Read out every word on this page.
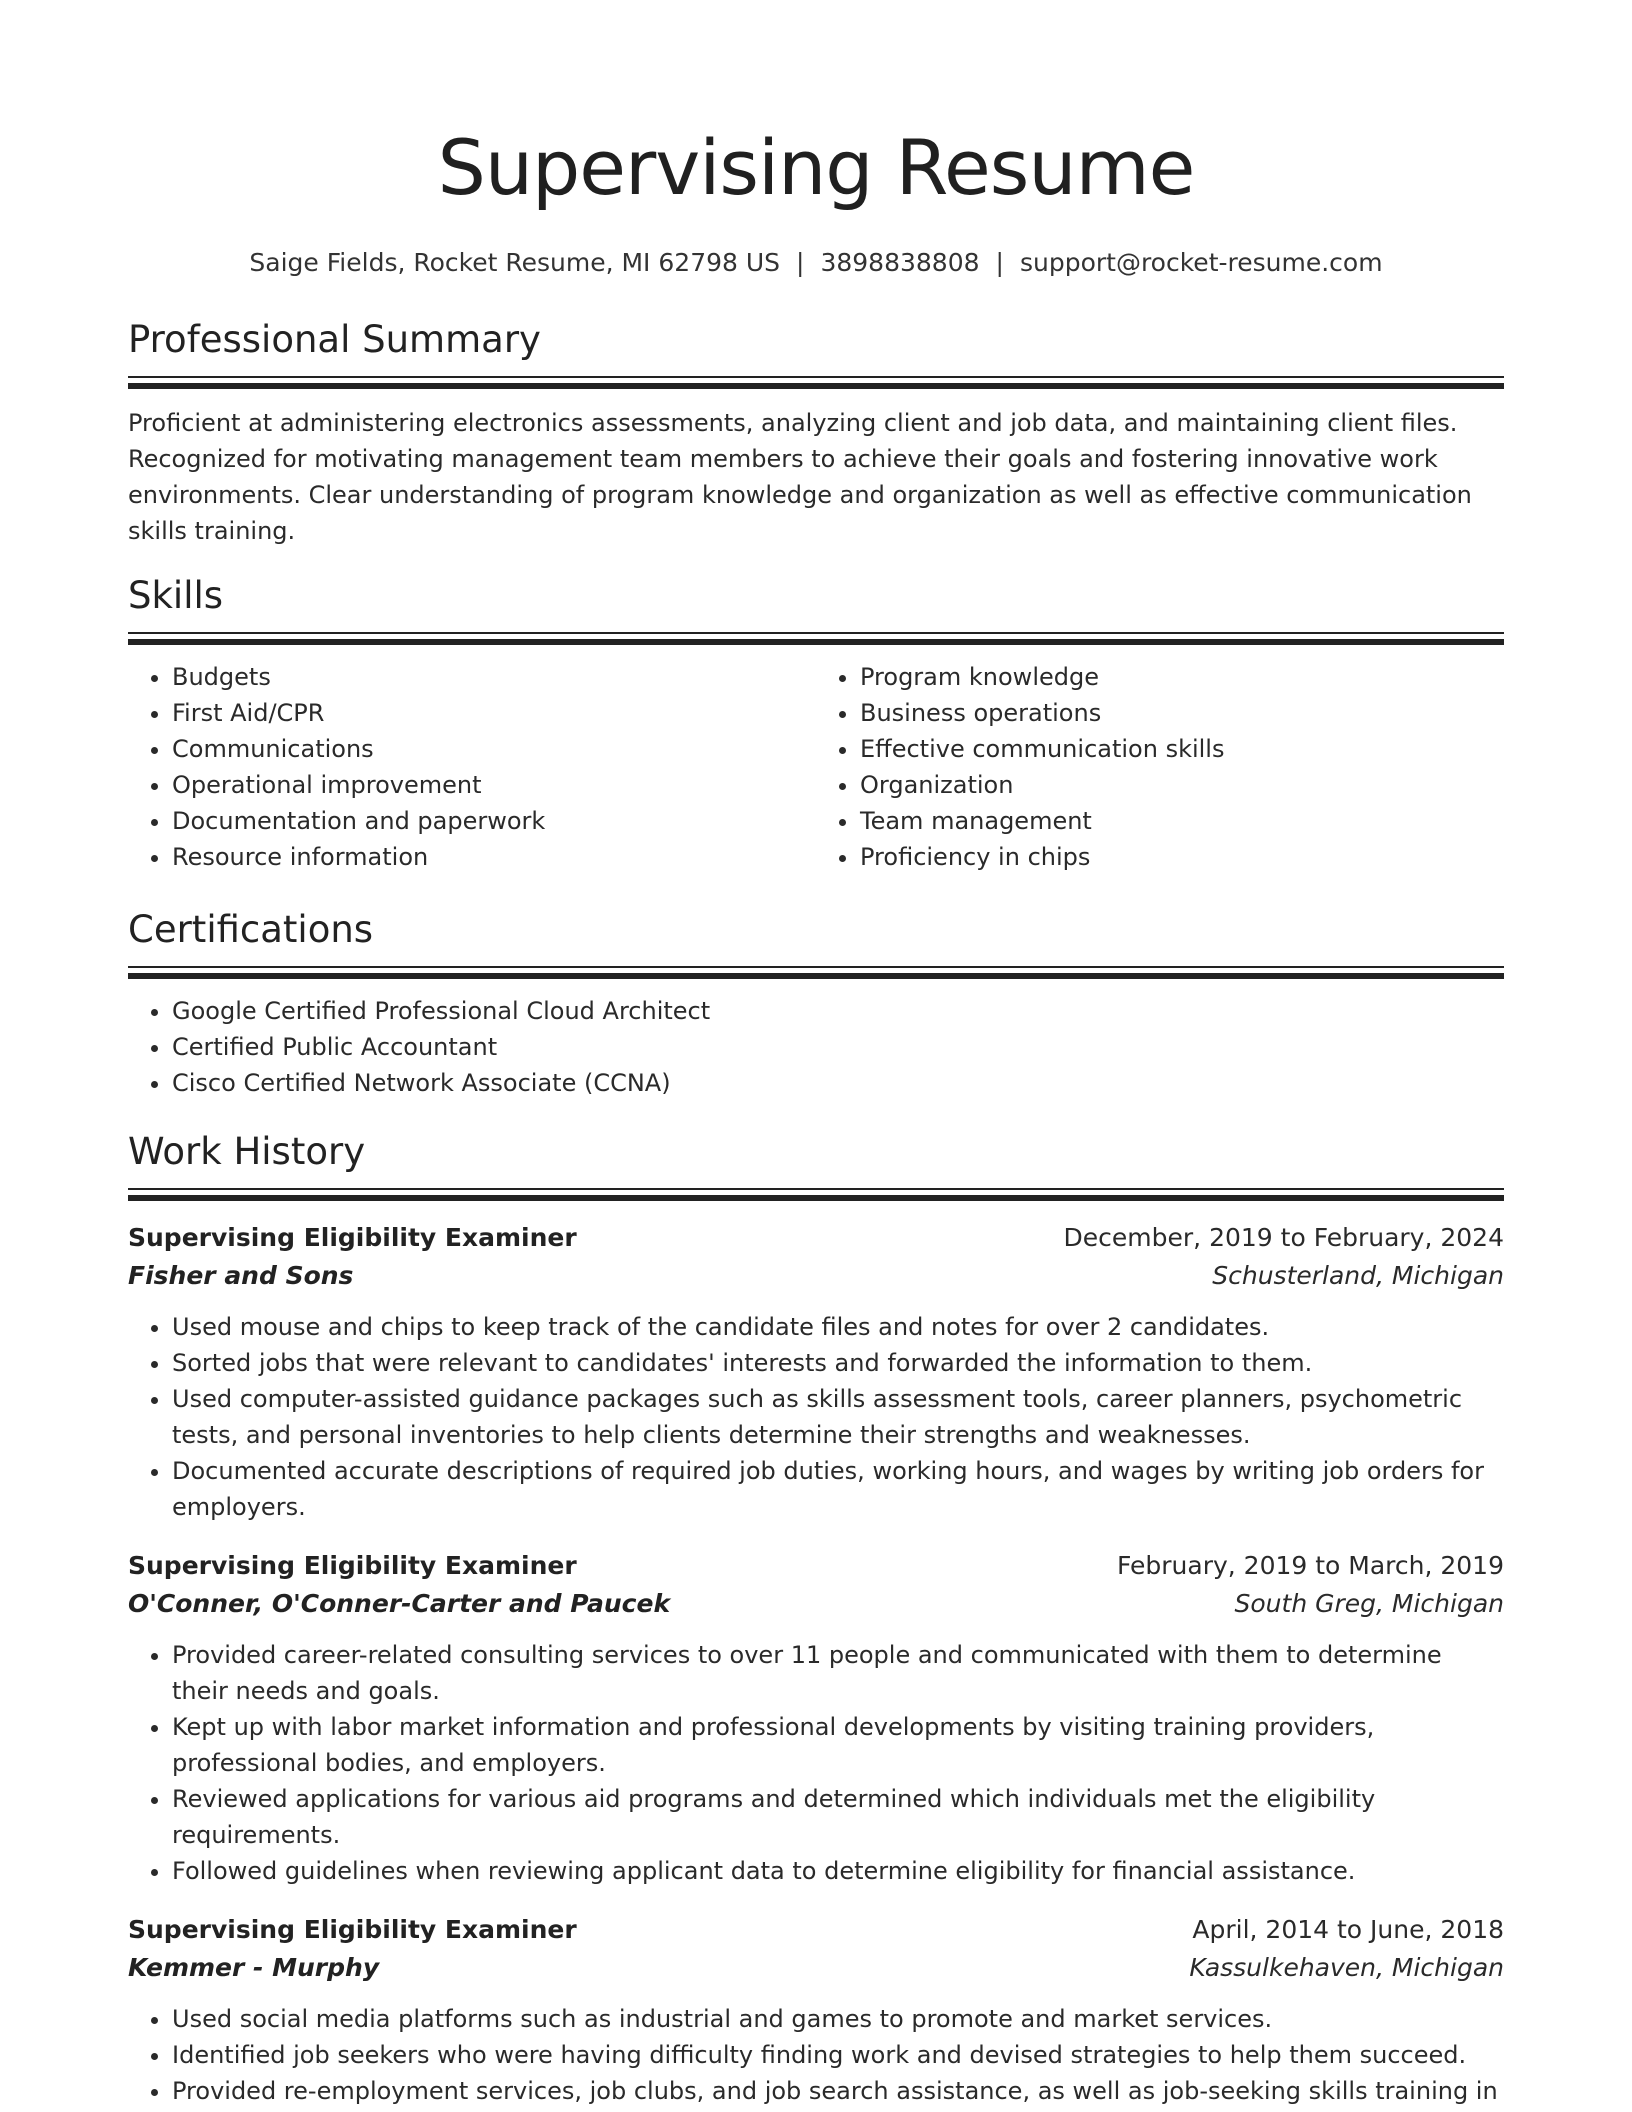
Supervising Resume
Saige Fields, Rocket Resume, MI 62798 US | 3898838808 | support@rocket-resume.com
Professional Summary
Proficient at administering electronics assessments, analyzing client and job data, and maintaining client files. Recognized for motivating management team members to achieve their goals and fostering innovative work environments. Clear understanding of program knowledge and organization as well as effective communication skills training.
Skills
• Budgets
• First Aid/CPR
• Communications
• Operational improvement
• Documentation and paperwork
• Resource information
• Program knowledge
• Business operations
• Effective communication skills
• Organization
• Team management
• Proficiency in chips
Certifications
• Google Certified Professional Cloud Architect
• Certified Public Accountant
• Cisco Certified Network Associate (CCNA)
Work History
Supervising Eligibility Examiner	December, 2019 to February, 2024
Fisher and Sons	Schusterland, Michigan
• Used mouse and chips to keep track of the candidate files and notes for over 2 candidates.
• Sorted jobs that were relevant to candidates' interests and forwarded the information to them.
• Used computer-assisted guidance packages such as skills assessment tools, career planners, psychometric tests, and personal inventories to help clients determine their strengths and weaknesses.
• Documented accurate descriptions of required job duties, working hours, and wages by writing job orders for employers.
Supervising Eligibility Examiner	February, 2019 to March, 2019
O'Conner, O'Conner-Carter and Paucek	South Greg, Michigan
• Provided career-related consulting services to over 11 people and communicated with them to determine their needs and goals.
• Kept up with labor market information and professional developments by visiting training providers, professional bodies, and employers.
• Reviewed applications for various aid programs and determined which individuals met the eligibility requirements.
• Followed guidelines when reviewing applicant data to determine eligibility for financial assistance.
Supervising Eligibility Examiner	April, 2014 to June, 2018
Kemmer - Murphy	Kassulkehaven, Michigan
• Used social media platforms such as industrial and games to promote and market services.
• Identified job seekers who were having difficulty finding work and devised strategies to help them succeed.
• Provided re-employment services, job clubs, and job search assistance, as well as job-seeking skills training in
